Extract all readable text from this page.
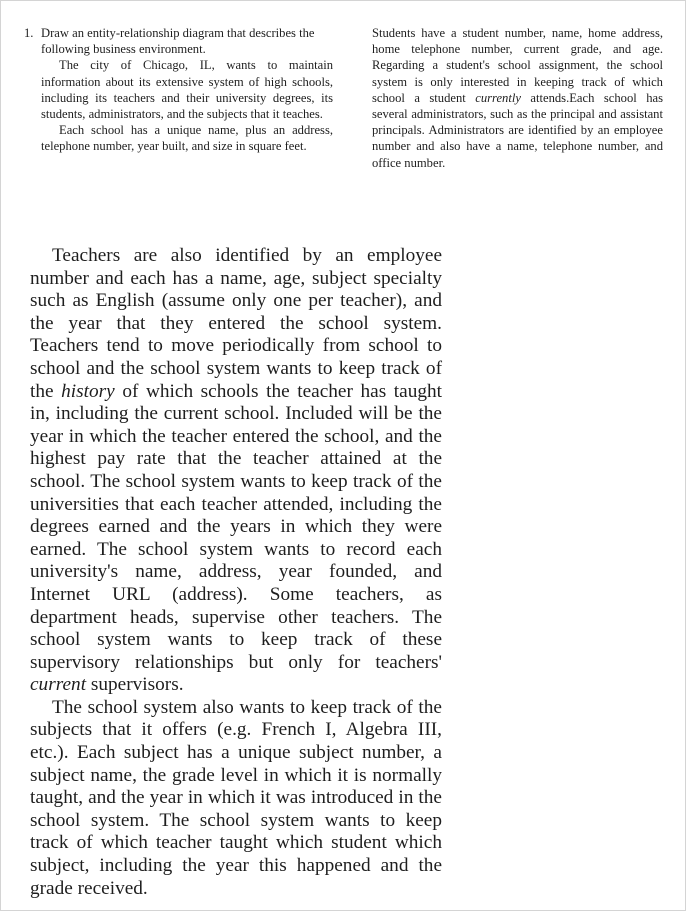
1. Draw an entity-relationship diagram that describes the following business environment.

The city of Chicago, IL, wants to maintain information about its extensive system of high schools, including its teachers and their university degrees, its students, administrators, and the subjects that it teaches.

Each school has a unique name, plus an address, telephone number, year built, and size in square feet.

Students have a student number, name, home address, home telephone number, current grade, and age. Regarding a student's school assignment, the school system is only interested in keeping track of which school a student currently attends.Each school has several administrators, such as the principal and assistant principals. Administrators are identified by an employee number and also have a name, telephone number, and office number.

Teachers are also identified by an employee number and each has a name, age, subject specialty such as English (assume only one per teacher), and the year that they entered the school system. Teachers tend to move periodically from school to school and the school system wants to keep track of the history of which schools the teacher has taught in, including the current school. Included will be the year in which the teacher entered the school, and the highest pay rate that the teacher attained at the school. The school system wants to keep track of the universities that each teacher attended, including the degrees earned and the years in which they were earned. The school system wants to record each university's name, address, year founded, and Internet URL (address). Some teachers, as department heads, supervise other teachers. The school system wants to keep track of these supervisory relationships but only for teachers' current supervisors.

The school system also wants to keep track of the subjects that it offers (e.g. French I, Algebra III, etc.). Each subject has a unique subject number, a subject name, the grade level in which it is normally taught, and the year in which it was introduced in the school system. The school system wants to keep track of which teacher taught which student which subject, including the year this happened and the grade received.
